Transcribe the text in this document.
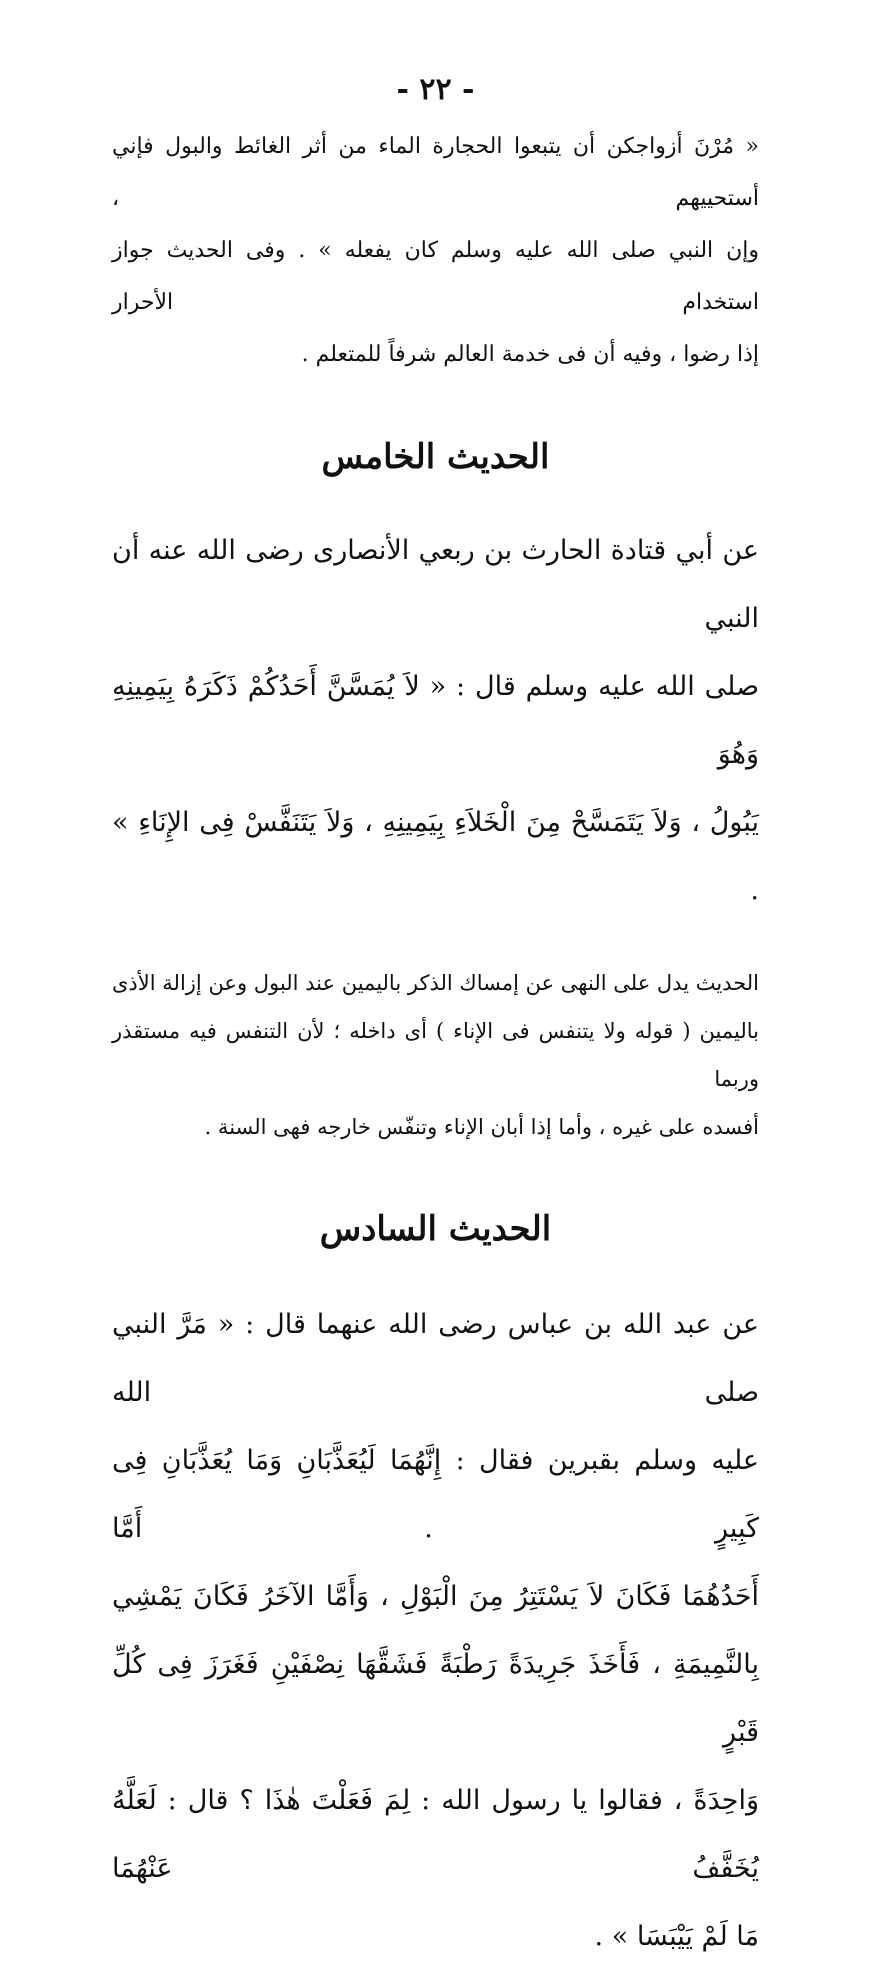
- ٢٢ -

« مُرْنَ أزواجكن أن يتبعوا الحجارة الماء من أثر الغائط والبول فإني أستحييهم ،
وإن النبي صلى الله عليه وسلم كان يفعله » . وفى الحديث جواز استخدام الأحرار
إذا رضوا ، وفيه أن فى خدمة العالم شرفاً للمتعلم .

الحديث الخامس

عن أبي قتادة الحارث بن ربعي الأنصارى رضى الله عنه أن النبي
صلى الله عليه وسلم قال : « لاَ يُمَسَّنَّ أَحَدُكُمْ ذَكَرَهُ بِيَمِينِهِ وَهُوَ
يَبُولُ ، وَلاَ يَتَمَسَّحْ مِنَ الْخَلاَءِ بِيَمِينِهِ ، وَلاَ يَتَنَفَّسْ فِى الإِنَاءِ » .

الحديث يدل على النهى عن إمساك الذكر باليمين عند البول وعن إزالة الأذى
باليمين ( قوله ولا يتنفس فى الإناء ) أى داخله ؛ لأن التنفس فيه مستقذر وربما
أفسده على غيره ، وأما إذا أبان الإناء وتنفّس خارجه فهى السنة .

الحديث السادس

عن عبد الله بن عباس رضى الله عنهما قال : « مَرَّ النبي صلى الله
عليه وسلم بقبرين فقال : إِنَّهُمَا لَيُعَذَّبَانِ وَمَا يُعَذَّبَانِ فِى كَبِيرٍ . أَمَّا
أَحَدُهُمَا فَكَانَ لاَ يَسْتَتِرُ مِنَ الْبَوْلِ ، وَأَمَّا الآخَرُ فَكَانَ يَمْشِي
بِالنَّمِيمَةِ ، فَأَخَذَ جَرِيدَةً رَطْبَةً فَشَقَّهَا نِصْفَيْنِ فَغَرَزَ فِى كُلِّ قَبْرٍ
وَاحِدَةً ، فقالوا يا رسول الله : لِمَ فَعَلْتَ هٰذَا ؟ قال : لَعَلَّهُ يُخَفَّفُ عَنْهُمَا
مَا لَمْ يَيْبَسَا » .
